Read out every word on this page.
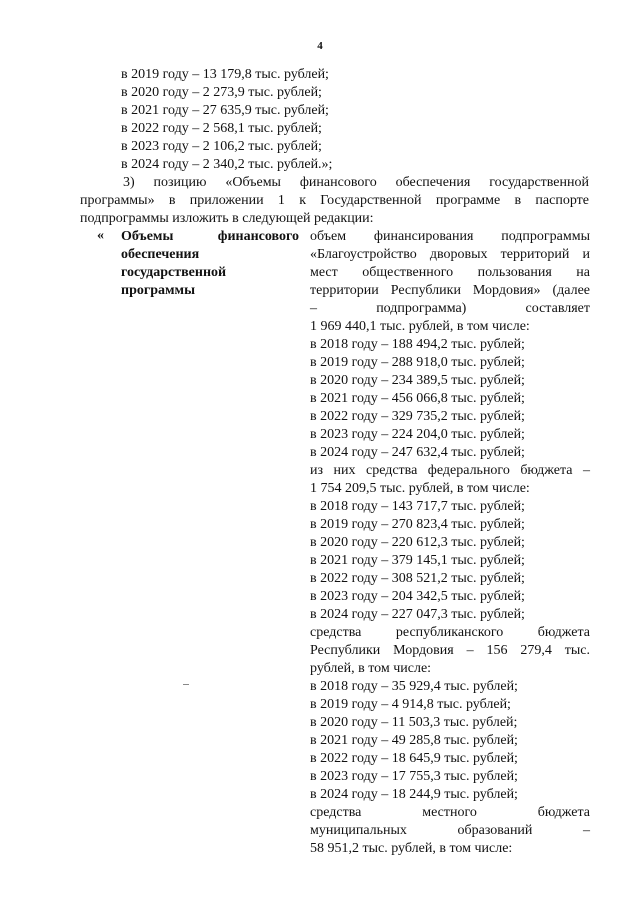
4
в 2019 году – 13 179,8 тыс. рублей;
в 2020 году – 2 273,9 тыс. рублей;
в 2021 году – 27 635,9 тыс. рублей;
в 2022 году – 2 568,1 тыс. рублей;
в 2023 году – 2 106,2 тыс. рублей;
в 2024 году – 2 340,2 тыс. рублей.»;
3) позицию «Объемы финансового обеспечения государственной
программы» в приложении 1 к Государственной программе в паспорте
подпрограммы изложить в следующей редакции:
« Объемы	финансового
обеспечения
государственной
программы
объем финансирования подпрограммы
«Благоустройство дворовых территорий и
мест общественного пользования на
территории Республики Мордовия» (далее
– подпрограмма) составляет
1 969 440,1 тыс. рублей, в том числе:
в 2018 году – 188 494,2 тыс. рублей;
в 2019 году – 288 918,0 тыс. рублей;
в 2020 году – 234 389,5 тыс. рублей;
в 2021 году – 456 066,8 тыс. рублей;
в 2022 году – 329 735,2 тыс. рублей;
в 2023 году – 224 204,0 тыс. рублей;
в 2024 году – 247 632,4 тыс. рублей;
из них средства федерального бюджета –
1 754 209,5 тыс. рублей, в том числе:
в 2018 году – 143 717,7 тыс. рублей;
в 2019 году – 270 823,4 тыс. рублей;
в 2020 году – 220 612,3 тыс. рублей;
в 2021 году – 379 145,1 тыс. рублей;
в 2022 году – 308 521,2 тыс. рублей;
в 2023 году – 204 342,5 тыс. рублей;
в 2024 году – 227 047,3 тыс. рублей;
средства республиканского бюджета
Республики Мордовия – 156 279,4 тыс.
рублей, в том числе:
в 2018 году – 35 929,4 тыс. рублей;
в 2019 году – 4 914,8 тыс. рублей;
в 2020 году – 11 503,3 тыс. рублей;
в 2021 году – 49 285,8 тыс. рублей;
в 2022 году – 18 645,9 тыс. рублей;
в 2023 году – 17 755,3 тыс. рублей;
в 2024 году – 18 244,9 тыс. рублей;
средства местного бюджета
муниципальных образований –
58 951,2 тыс. рублей, в том числе:
